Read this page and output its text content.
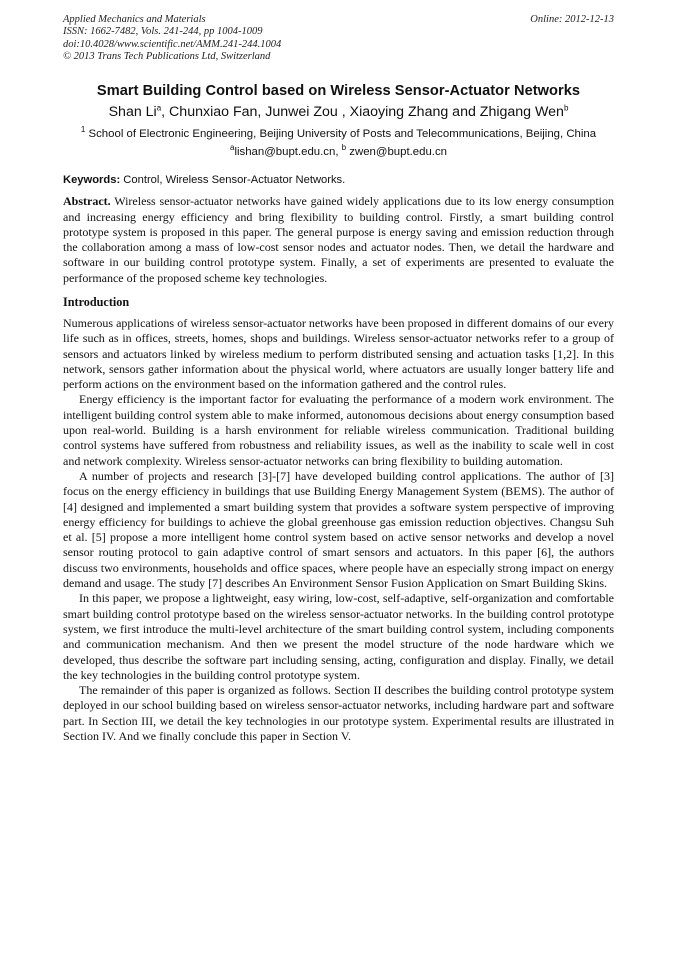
Applied Mechanics and Materials
ISSN: 1662-7482, Vols. 241-244, pp 1004-1009
doi:10.4028/www.scientific.net/AMM.241-244.1004
© 2013 Trans Tech Publications Ltd, Switzerland
Online: 2012-12-13
Smart Building Control based on Wireless Sensor-Actuator Networks
Shan Li$^a$, Chunxiao Fan, Junwei Zou , Xiaoying Zhang and Zhigang Wen$^b$
$^1$ School of Electronic Engineering, Beijing University of Posts and Telecommunications, Beijing, China
$^a$lishan@bupt.edu.cn, $^b$ zwen@bupt.edu.cn
Keywords: Control, Wireless Sensor-Actuator Networks.

Abstract. Wireless sensor-actuator networks have gained widely applications due to its low energy consumption and increasing energy efficiency and bring flexibility to building control. Firstly, a smart building control prototype system is proposed in this paper. The general purpose is energy saving and emission reduction through the collaboration among a mass of low-cost sensor nodes and actuator nodes. Then, we detail the hardware and software in our building control prototype system. Finally, a set of experiments are presented to evaluate the performance of the proposed scheme key technologies.

Introduction

Numerous applications of wireless sensor-actuator networks have been proposed in different domains of our every life such as in offices, streets, homes, shops and buildings. Wireless sensor-actuator networks refer to a group of sensors and actuators linked by wireless medium to perform distributed sensing and actuation tasks [1,2]. In this network, sensors gather information about the physical world, where actuators are usually longer battery life and perform actions on the environment based on the information gathered and the control rules.

Energy efficiency is the important factor for evaluating the performance of a modern work environment. The intelligent building control system able to make informed, autonomous decisions about energy consumption based upon real-world. Building is a harsh environment for reliable wireless communication. Traditional building control systems have suffered from robustness and reliability issues, as well as the inability to scale well in cost and network complexity. Wireless sensor-actuator networks can bring flexibility to building automation.

A number of projects and research [3]-[7] have developed building control applications. The author of [3] focus on the energy efficiency in buildings that use Building Energy Management System (BEMS). The author of [4] designed and implemented a smart building system that provides a software system perspective of improving energy efficiency for buildings to achieve the global greenhouse gas emission reduction objectives. Changsu Suh et al. [5] propose a more intelligent home control system based on active sensor networks and develop a novel sensor routing protocol to gain adaptive control of smart sensors and actuators. In this paper [6], the authors discuss two environments, households and office spaces, where people have an especially strong impact on energy demand and usage. The study [7] describes An Environment Sensor Fusion Application on Smart Building Skins.

In this paper, we propose a lightweight, easy wiring, low-cost, self-adaptive, self-organization and comfortable smart building control prototype based on the wireless sensor-actuator networks. In the building control prototype system, we first introduce the multi-level architecture of the smart building control system, including components and communication mechanism. And then we present the model structure of the node hardware which we developed, thus describe the software part including sensing, acting, configuration and display. Finally, we detail the key technologies in the building control prototype system.

The remainder of this paper is organized as follows. Section II describes the building control prototype system deployed in our school building based on wireless sensor-actuator networks, including hardware part and software part. In Section III, we detail the key technologies in our prototype system. Experimental results are illustrated in Section IV. And we finally conclude this paper in Section V.
